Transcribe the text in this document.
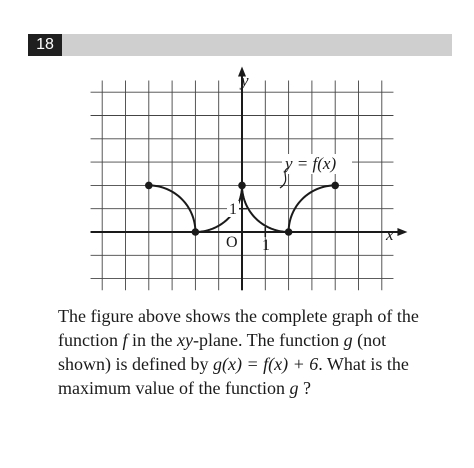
18
y
x
O 1
1
y = f(x)
The figure above shows the complete graph of the
function f in the xy-plane. The function g (not
shown) is defined by g(x) = f(x) + 6. What is the
maximum value of the function g ?
